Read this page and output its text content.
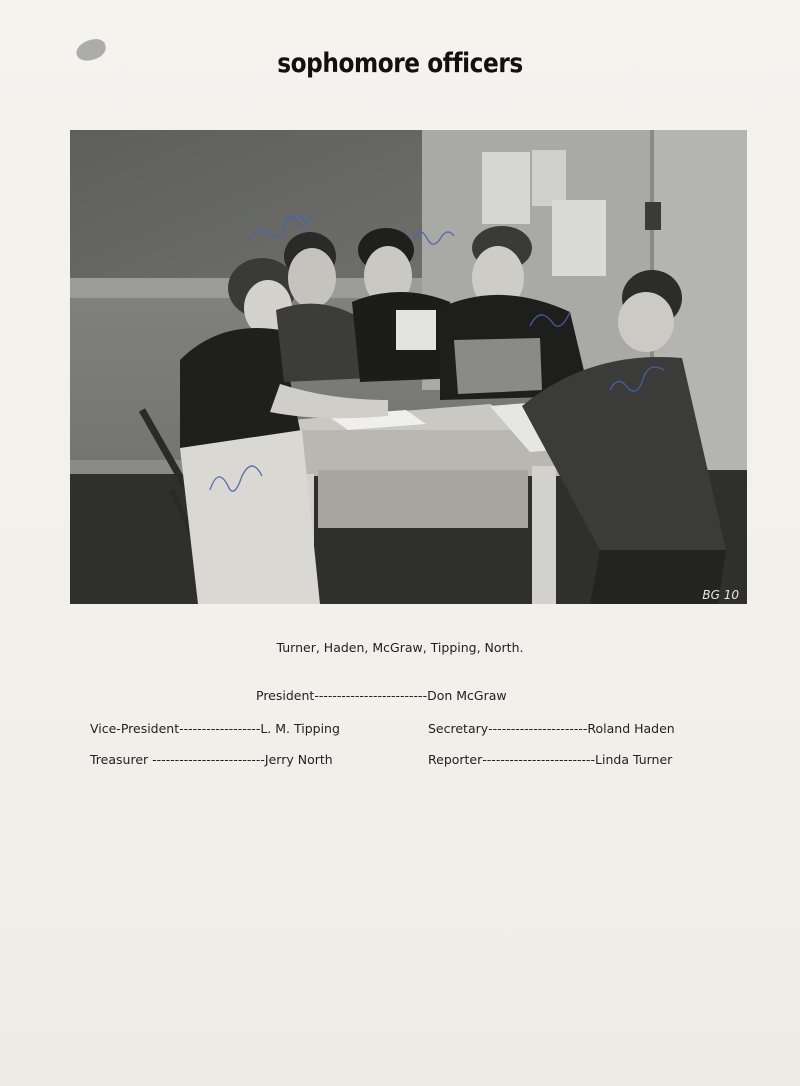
sophomore officers
BG 10
Turner, Haden, McGraw, Tipping, North.
President ------------------------- Don McGraw
Vice-President ------------------ L. M. Tipping	Secretary ---------------------- Roland Haden
Treasurer ------------------------- Jerry North	Reporter ------------------------- Linda Turner
